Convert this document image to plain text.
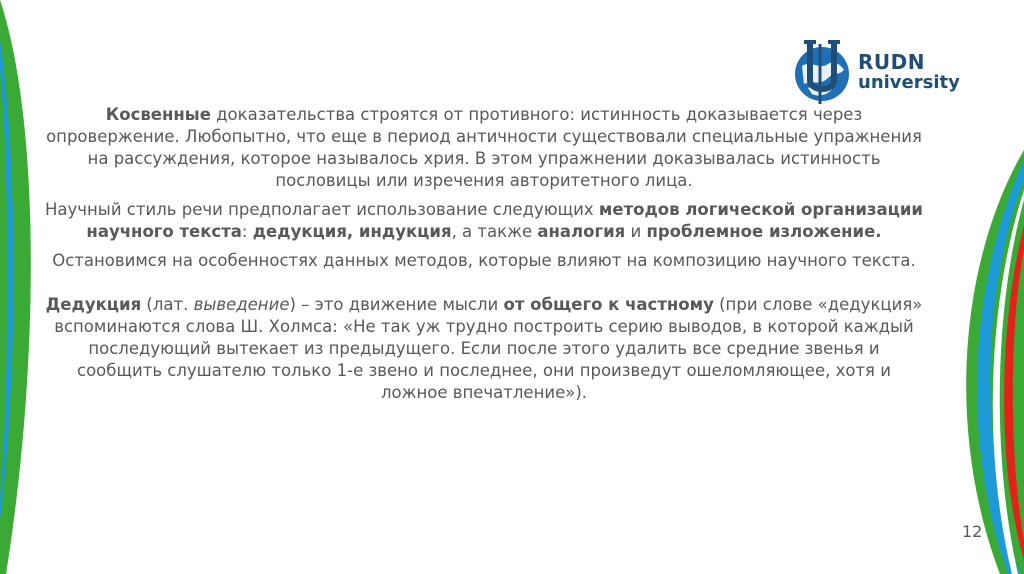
RUDN
university

Косвенные доказательства строятся от противного: истинность доказывается через опровержение. Любопытно, что еще в период античности существовали специальные упражнения на рассуждения, которое называлось хрия. В этом упражнении доказывалась истинность пословицы или изречения авторитетного лица.

Научный стиль речи предполагает использование следующих методов логической организации научного текста: дедукция, индукция, а также аналогия и проблемное изложение.

Остановимся на особенностях данных методов, которые влияют на композицию научного текста.

Дедукция (лат. выведение) – это движение мысли от общего к частному (при слове «дедукция» вспоминаются слова Ш. Холмса: «Не так уж трудно построить серию выводов, в которой каждый последующий вытекает из предыдущего. Если после этого удалить все средние звенья и сообщить слушателю только 1-е звено и последнее, они произведут ошеломляющее, хотя и ложное впечатление»).

12
